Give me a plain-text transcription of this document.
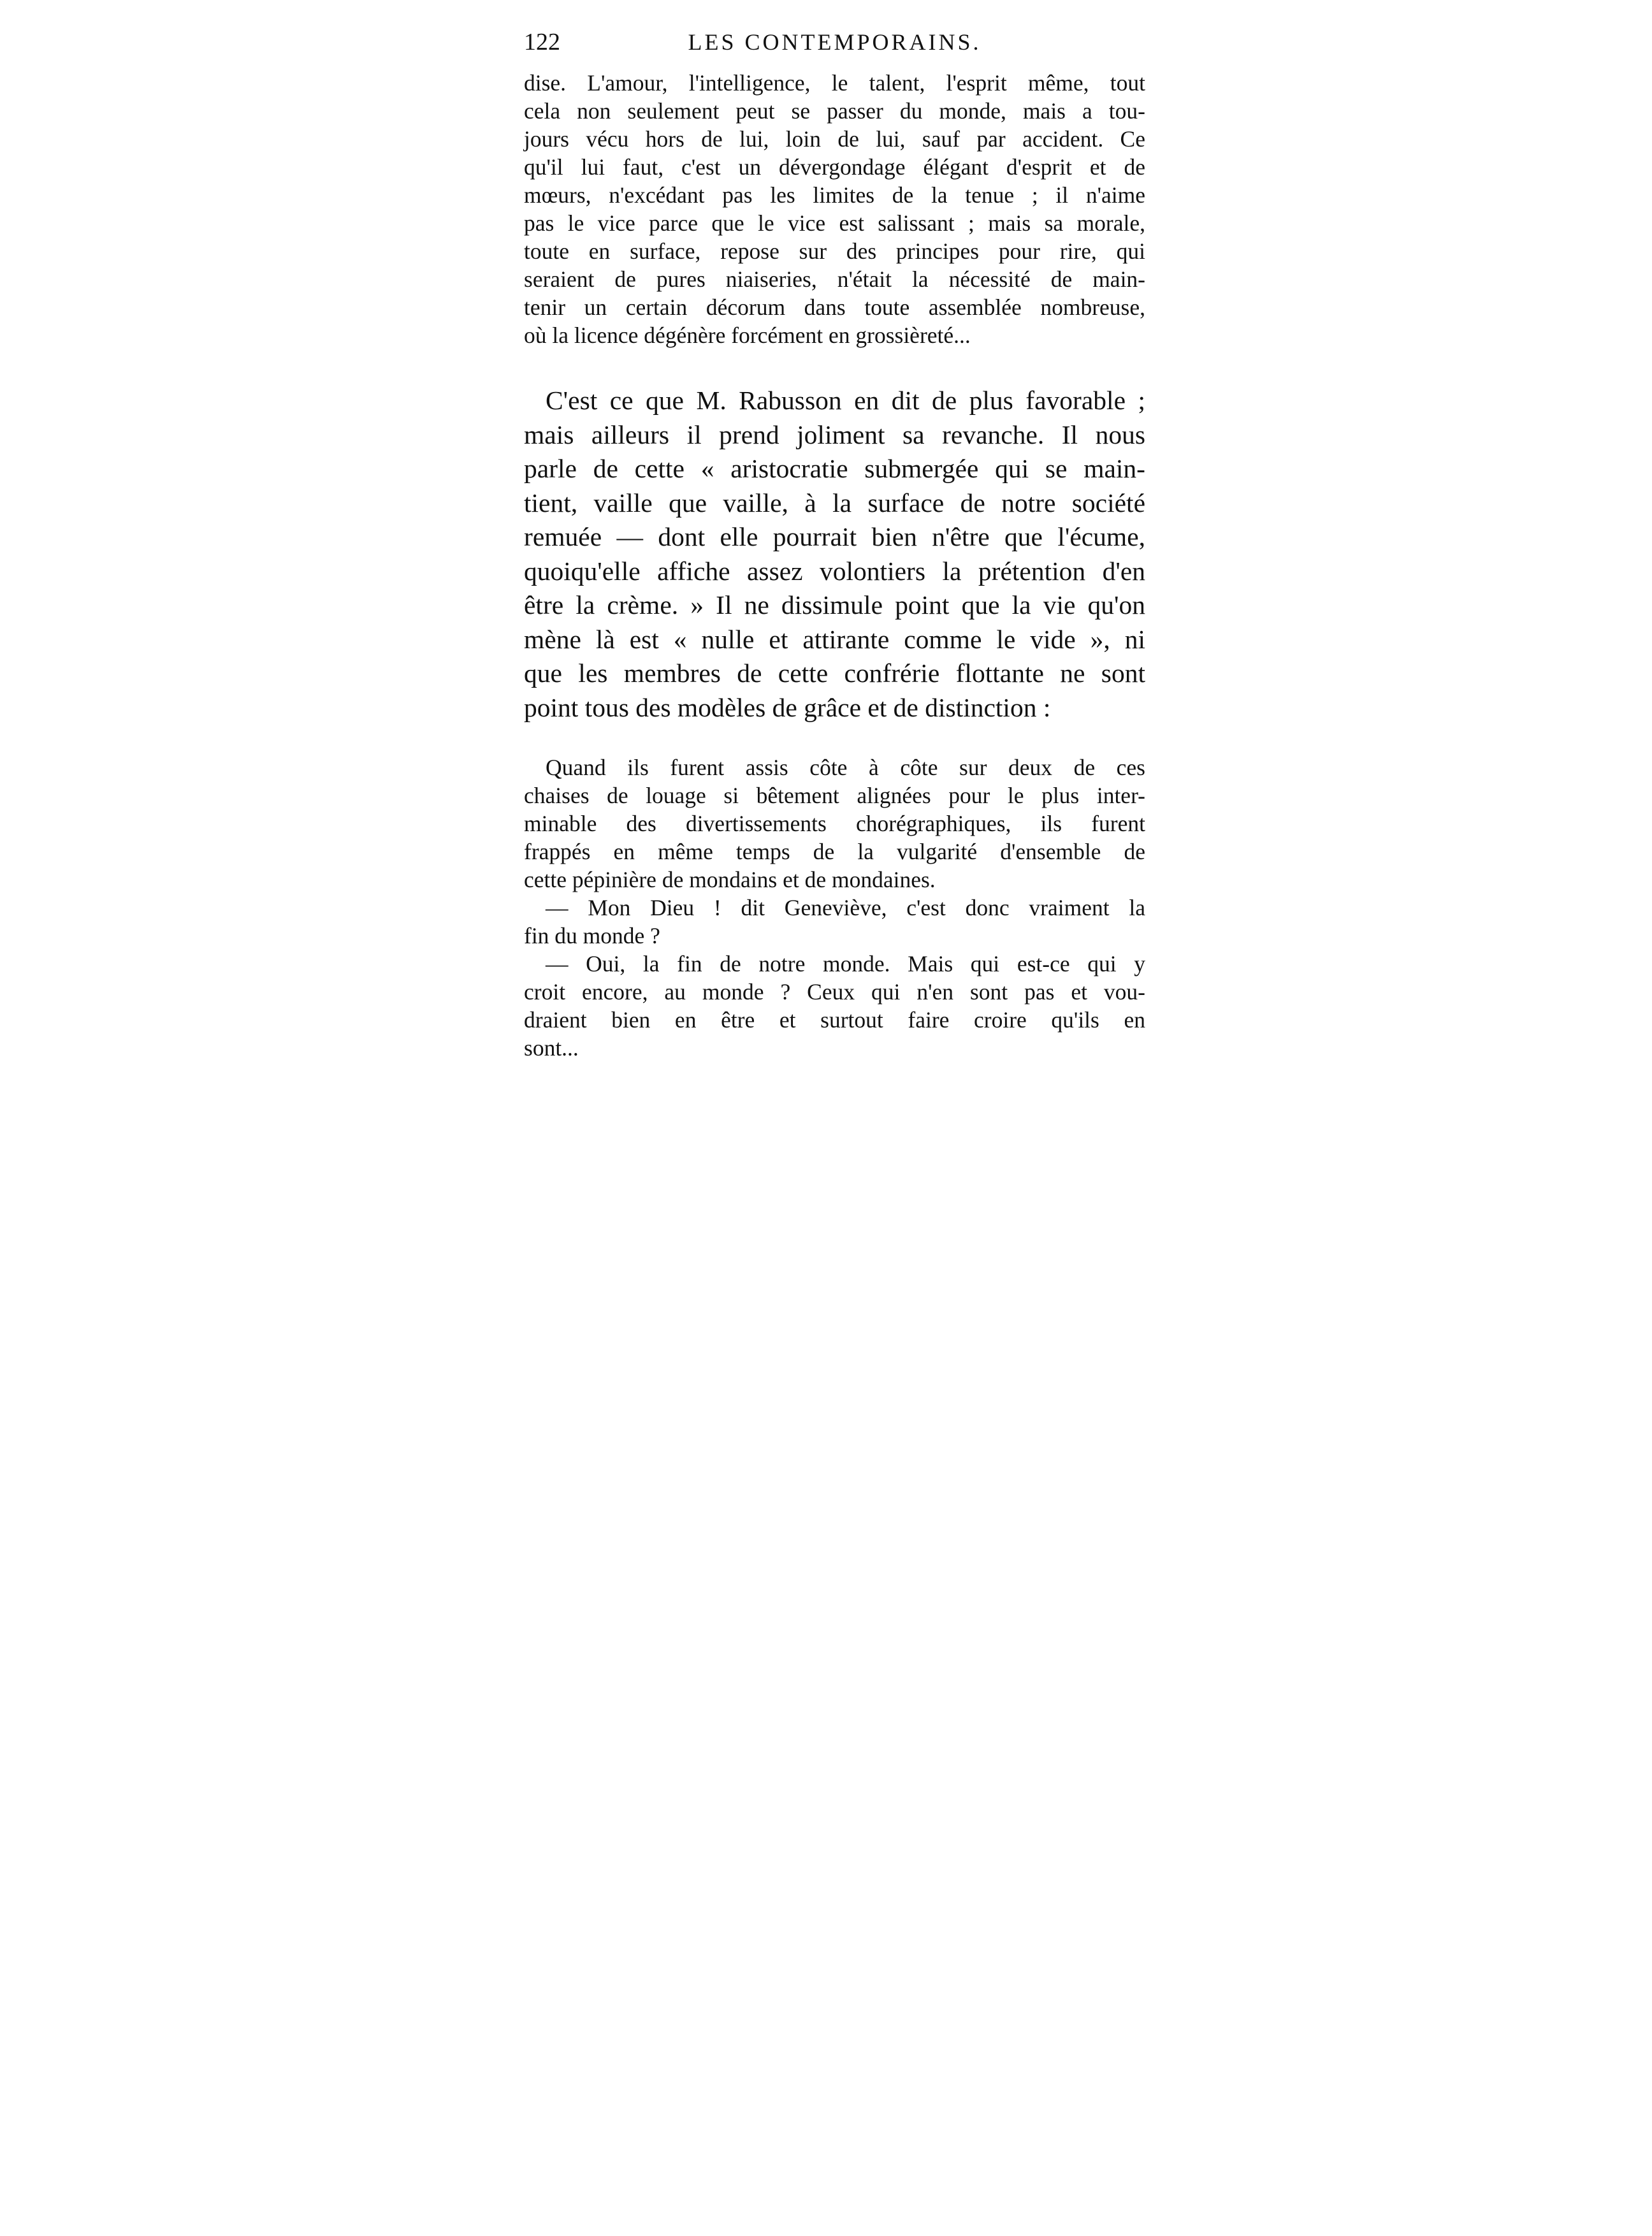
122	LES CONTEMPORAINS.

dise. L'amour, l'intelligence, le talent, l'esprit même, tout
cela non seulement peut se passer du monde, mais a tou-
jours vécu hors de lui, loin de lui, sauf par accident. Ce
qu'il lui faut, c'est un dévergondage élégant d'esprit et de
mœurs, n'excédant pas les limites de la tenue ; il n'aime
pas le vice parce que le vice est salissant ; mais sa morale,
toute en surface, repose sur des principes pour rire, qui
seraient de pures niaiseries, n'était la nécessité de main-
tenir un certain décorum dans toute assemblée nombreuse,
où la licence dégénère forcément en grossièreté...

C'est ce que M. Rabusson en dit de plus favorable ;
mais ailleurs il prend joliment sa revanche. Il nous
parle de cette « aristocratie submergée qui se main-
tient, vaille que vaille, à la surface de notre société
remuée — dont elle pourrait bien n'être que l'écume,
quoiqu'elle affiche assez volontiers la prétention d'en
être la crème. » Il ne dissimule point que la vie qu'on
mène là est « nulle et attirante comme le vide », ni
que les membres de cette confrérie flottante ne sont
point tous des modèles de grâce et de distinction :

Quand ils furent assis côte à côte sur deux de ces
chaises de louage si bêtement alignées pour le plus inter-
minable des divertissements chorégraphiques, ils furent
frappés en même temps de la vulgarité d'ensemble de
cette pépinière de mondains et de mondaines.

— Mon Dieu ! dit Geneviève, c'est donc vraiment la
fin du monde ?

— Oui, la fin de notre monde. Mais qui est-ce qui y
croit encore, au monde ? Ceux qui n'en sont pas et vou-
draient bien en être et surtout faire croire qu'ils en
sont...
